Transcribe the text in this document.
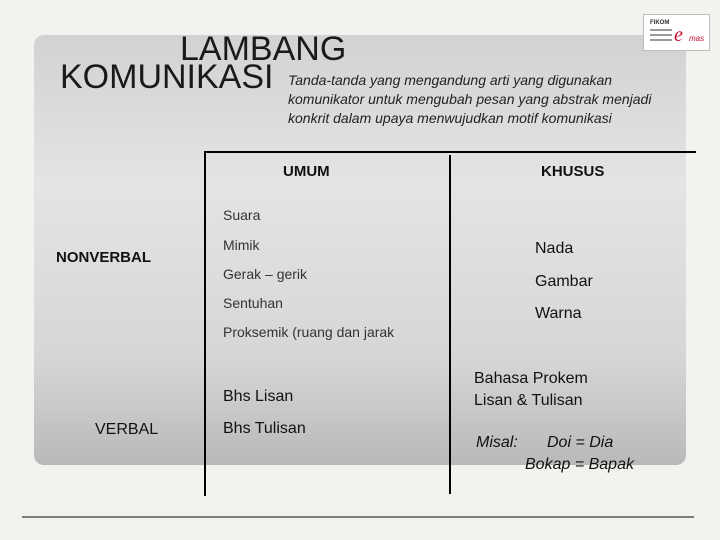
FIKOM
e mas
LAMBANG
KOMUNIKASI Tanda-tanda yang mengandung arti yang digunakan komunikator untuk mengubah pesan yang abstrak menjadi konkrit dalam upaya menwujudkan motif komunikasi
UMUM	KHUSUS
NONVERBAL
Suara
Mimik
Gerak – gerik
Sentuhan
Proksemik (ruang dan jarak
Nada
Gambar
Warna
VERBAL
Bhs Lisan
Bhs Tulisan
Bahasa Prokem
Lisan & Tulisan
Misal: Doi = Dia
Bokap = Bapak
